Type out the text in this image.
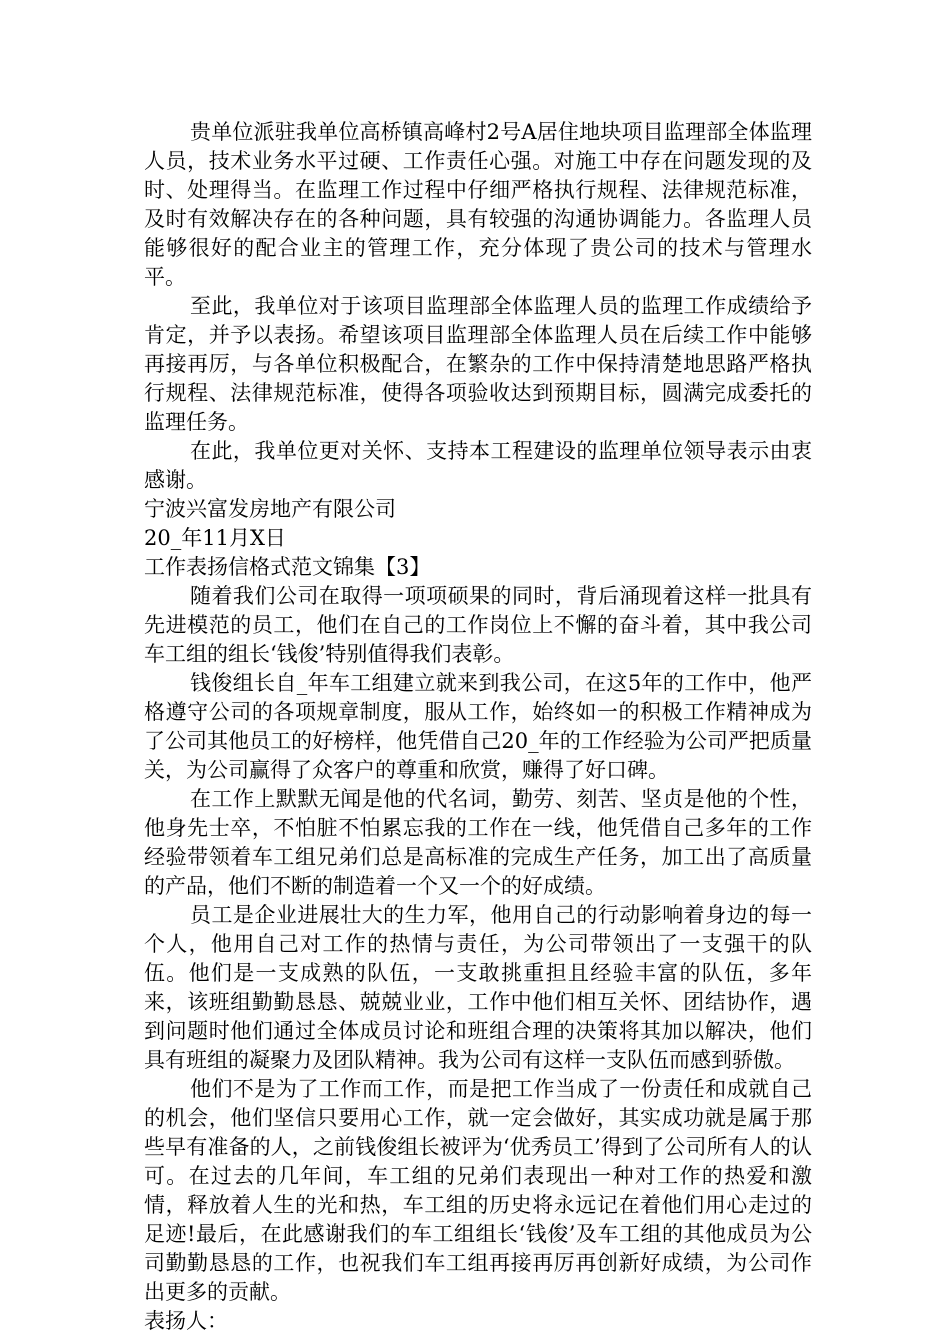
贵单位派驻我单位高桥镇高峰村2号A居住地块项目监理部全体监理人员，技术业务水平过硬、工作责任心强。对施工中存在问题发现的及时、处理得当。在监理工作过程中仔细严格执行规程、法律规范标准，及时有效解决存在的各种问题，具有较强的沟通协调能力。各监理人员能够很好的配合业主的管理工作，充分体现了贵公司的技术与管理水平。

至此，我单位对于该项目监理部全体监理人员的监理工作成绩给予肯定，并予以表扬。希望该项目监理部全体监理人员在后续工作中能够再接再厉，与各单位积极配合，在繁杂的工作中保持清楚地思路严格执行规程、法律规范标准，使得各项验收达到预期目标，圆满完成委托的监理任务。

在此，我单位更对关怀、支持本工程建设的监理单位领导表示由衷感谢。

宁波兴富发房地产有限公司

20_年11月X日

工作表扬信格式范文锦集【3】

随着我们公司在取得一项项硕果的同时，背后涌现着这样一批具有先进模范的员工，他们在自己的工作岗位上不懈的奋斗着，其中我公司车工组的组长‘钱俊’特别值得我们表彰。

钱俊组长自_年车工组建立就来到我公司，在这5年的工作中，他严格遵守公司的各项规章制度，服从工作，始终如一的积极工作精神成为了公司其他员工的好榜样，他凭借自己20_年的工作经验为公司严把质量关，为公司赢得了众客户的尊重和欣赏，赚得了好口碑。

在工作上默默无闻是他的代名词，勤劳、刻苦、坚贞是他的个性，他身先士卒，不怕脏不怕累忘我的工作在一线，他凭借自己多年的工作经验带领着车工组兄弟们总是高标准的完成生产任务，加工出了高质量的产品，他们不断的制造着一个又一个的好成绩。

员工是企业进展壮大的生力军，他用自己的行动影响着身边的每一个人，他用自己对工作的热情与责任，为公司带领出了一支强干的队伍。他们是一支成熟的队伍，一支敢挑重担且经验丰富的队伍，多年来，该班组勤勤恳恳、兢兢业业，工作中他们相互关怀、团结协作，遇到问题时他们通过全体成员讨论和班组合理的决策将其加以解决，他们具有班组的凝聚力及团队精神。我为公司有这样一支队伍而感到骄傲。

他们不是为了工作而工作，而是把工作当成了一份责任和成就自己的机会，他们坚信只要用心工作，就一定会做好，其实成功就是属于那些早有准备的人，之前钱俊组长被评为‘优秀员工’得到了公司所有人的认可。在过去的几年间，车工组的兄弟们表现出一种对工作的热爱和激情，释放着人生的光和热，车工组的历史将永远记在着他们用心走过的足迹!最后，在此感谢我们的车工组组长‘钱俊’及车工组的其他成员为公司勤勤恳恳的工作，也祝我们车工组再接再厉再创新好成绩，为公司作出更多的贡献。

表扬人：
